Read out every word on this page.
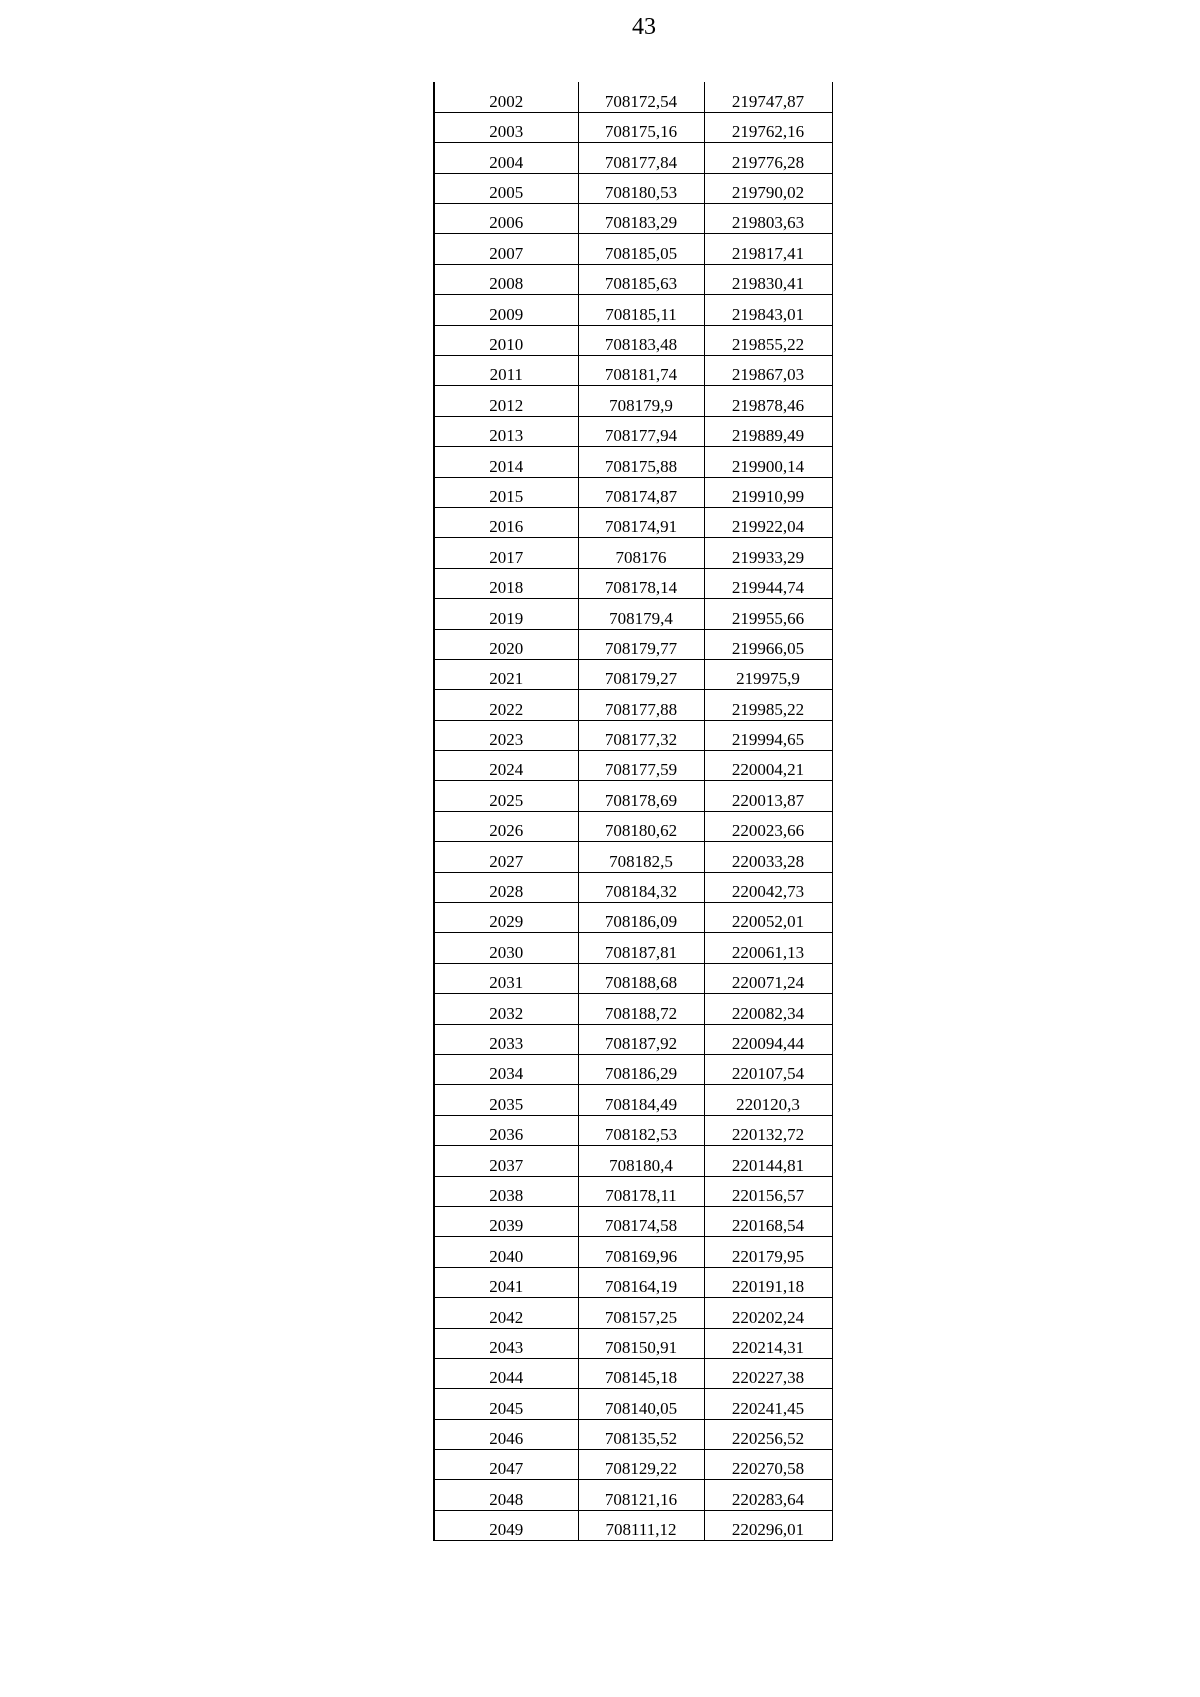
43
2002	708172,54	219747,87
2003	708175,16	219762,16
2004	708177,84	219776,28
2005	708180,53	219790,02
2006	708183,29	219803,63
2007	708185,05	219817,41
2008	708185,63	219830,41
2009	708185,11	219843,01
2010	708183,48	219855,22
2011	708181,74	219867,03
2012	708179,9	219878,46
2013	708177,94	219889,49
2014	708175,88	219900,14
2015	708174,87	219910,99
2016	708174,91	219922,04
2017	708176	219933,29
2018	708178,14	219944,74
2019	708179,4	219955,66
2020	708179,77	219966,05
2021	708179,27	219975,9
2022	708177,88	219985,22
2023	708177,32	219994,65
2024	708177,59	220004,21
2025	708178,69	220013,87
2026	708180,62	220023,66
2027	708182,5	220033,28
2028	708184,32	220042,73
2029	708186,09	220052,01
2030	708187,81	220061,13
2031	708188,68	220071,24
2032	708188,72	220082,34
2033	708187,92	220094,44
2034	708186,29	220107,54
2035	708184,49	220120,3
2036	708182,53	220132,72
2037	708180,4	220144,81
2038	708178,11	220156,57
2039	708174,58	220168,54
2040	708169,96	220179,95
2041	708164,19	220191,18
2042	708157,25	220202,24
2043	708150,91	220214,31
2044	708145,18	220227,38
2045	708140,05	220241,45
2046	708135,52	220256,52
2047	708129,22	220270,58
2048	708121,16	220283,64
2049	708111,12	220296,01
